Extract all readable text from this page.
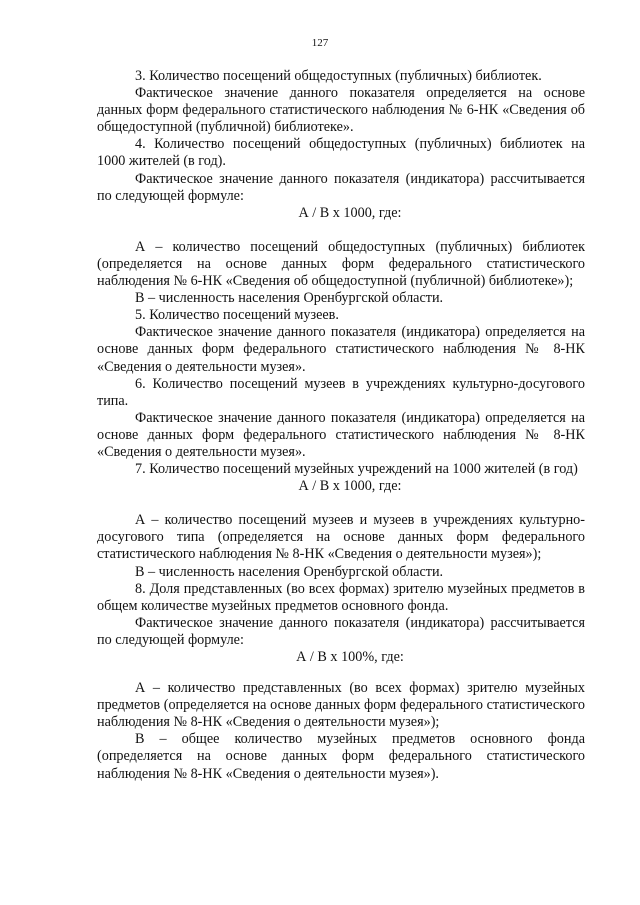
127

3. Количество посещений общедоступных (публичных) библиотек.

Фактическое значение данного показателя определяется на основе данных форм федерального статистического наблюдения № 6-НК «Сведения об общедоступной (публичной) библиотеке».

4. Количество посещений общедоступных (публичных) библиотек на 1000 жителей (в год).

Фактическое значение данного показателя (индикатора) рассчитывается по следующей формуле:

А / В х 1000, где:

А – количество посещений общедоступных (публичных) библиотек (определяется на основе данных форм федерального статистического наблюдения № 6-НК «Сведения об общедоступной (публичной) библиотеке»);

В – численность населения Оренбургской области.

5. Количество посещений музеев.

Фактическое значение данного показателя (индикатора) определяется на основе данных форм федерального статистического наблюдения № 8-НК «Сведения о деятельности музея».

6. Количество посещений музеев в учреждениях культурно-досугового типа.

Фактическое значение данного показателя (индикатора) определяется на основе данных форм федерального статистического наблюдения № 8-НК «Сведения о деятельности музея».

7. Количество посещений музейных учреждений на 1000 жителей (в год)

А / В х 1000, где:

А – количество посещений музеев и музеев в учреждениях культурно-досугового типа (определяется на основе данных форм федерального статистического наблюдения № 8-НК «Сведения о деятельности музея»);

В – численность населения Оренбургской области.

8. Доля представленных (во всех формах) зрителю музейных предметов в общем количестве музейных предметов основного фонда.

Фактическое значение данного показателя (индикатора) рассчитывается по следующей формуле:

А / В х 100%, где:

А – количество представленных (во всех формах) зрителю музейных предметов (определяется на основе данных форм федерального статистического наблюдения № 8-НК «Сведения о деятельности музея»);

В – общее количество музейных предметов основного фонда (определяется на основе данных форм федерального статистического наблюдения № 8-НК «Сведения о деятельности музея»).
